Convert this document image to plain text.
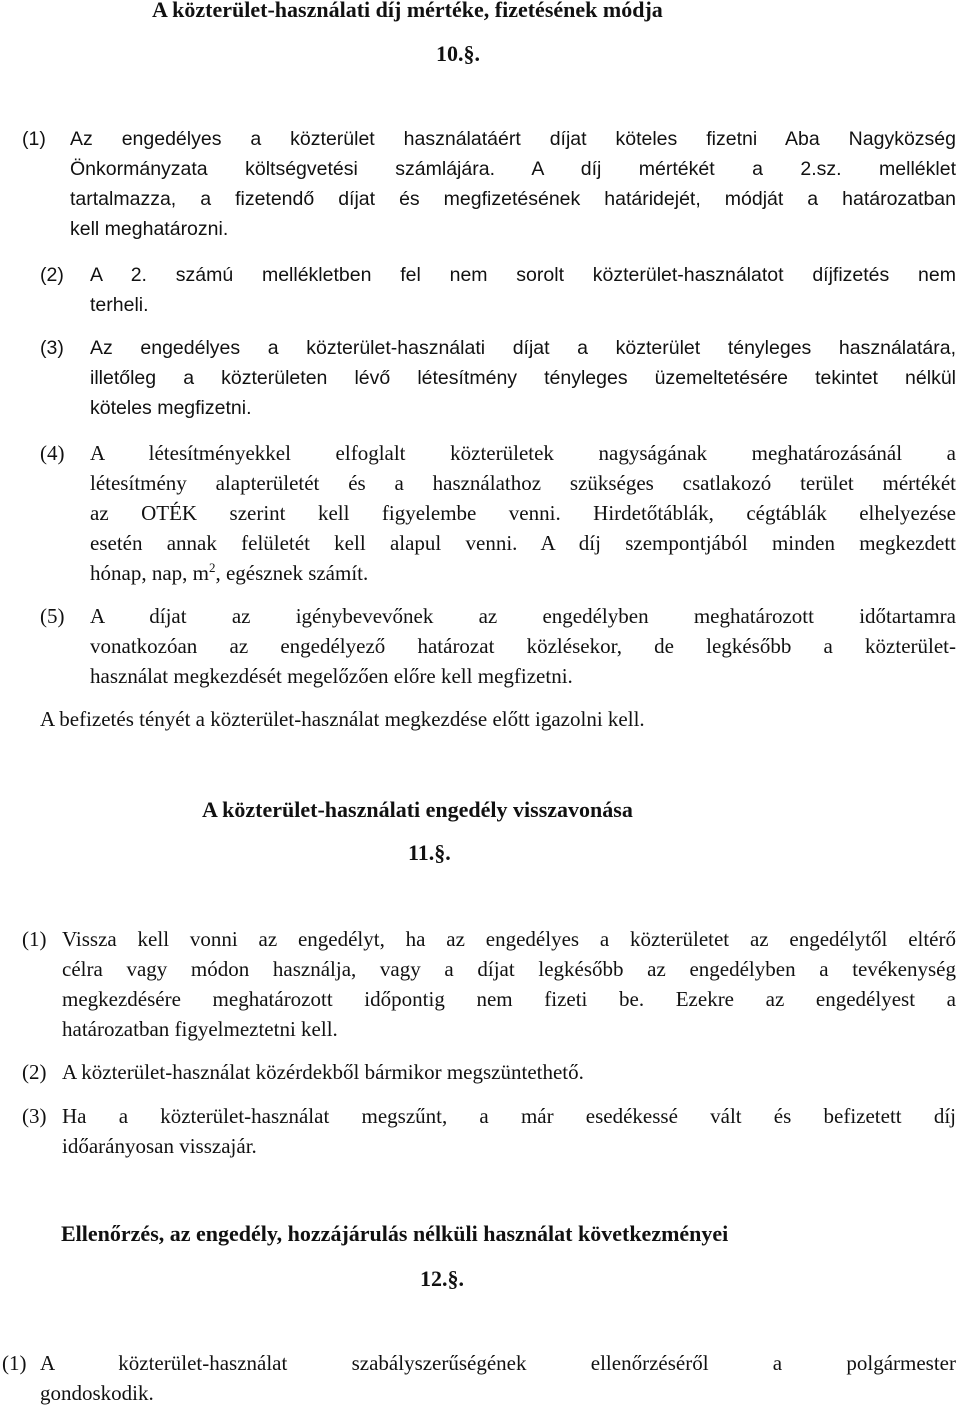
A közterület-használati díj mértéke, fizetésének módja
10.§.
(1)	Az engedélyes a közterület használatáért díjat köteles fizetni Aba Nagyközség
Önkormányzata költségvetési számlájára. A díj mértékét a 2.sz. melléklet
tartalmazza, a fizetendő díjat és megfizetésének határidejét, módját a határozatban
kell meghatározni.
(2)	A 2. számú mellékletben fel nem sorolt közterület-használatot díjfizetés nem
terheli.
(3)	Az engedélyes a közterület-használati díjat a közterület tényleges használatára,
illetőleg a közterületen lévő létesítmény tényleges üzemeltetésére tekintet nélkül
köteles megfizetni.
(4)	A létesítményekkel elfoglalt közterületek nagyságának meghatározásánál a
létesítmény alapterületét és a használathoz szükséges csatlakozó terület mértékét
az OTÉK szerint kell figyelembe venni. Hirdetőtáblák, cégtáblák elhelyezése
esetén annak felületét kell alapul venni. A díj szempontjából minden megkezdett
hónap, nap, $m^2$, egésznek számít.
(5)	A díjat az igénybevevőnek az engedélyben meghatározott időtartamra
vonatkozóan az engedélyező határozat közlésekor, de legkésőbb a közterület-
használat megkezdését megelőzően előre kell megfizetni.
A befizetés tényét a közterület-használat megkezdése előtt igazolni kell.
A közterület-használati engedély visszavonása
11.§.
(1) Vissza kell vonni az engedélyt, ha az engedélyes a közterületet az engedélytől eltérő
célra vagy módon használja, vagy a díjat legkésőbb az engedélyben a tevékenység
megkezdésére meghatározott időpontig nem fizeti be. Ezekre az engedélyest a
határozatban figyelmeztetni kell.
(2) A közterület-használat közérdekből bármikor megszüntethető.
(3) Ha a közterület-használat megszűnt, a már esedékessé vált és befizetett díj
időarányosan visszajár.
Ellenőrzés, az engedély, hozzájárulás nélküli használat következményei
12.§.
(1) A közterület-használat szabályszerűségének ellenőrzéséről a polgármester
gondoskodik.
